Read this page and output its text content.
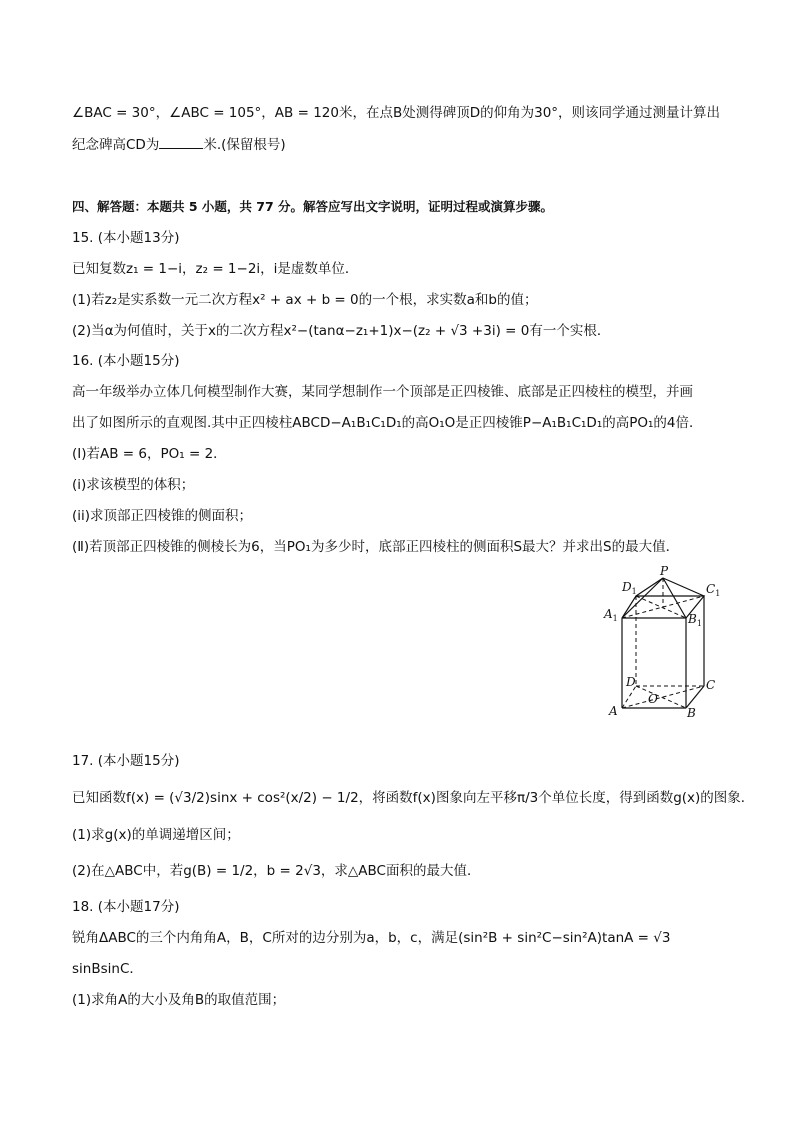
∠BAC = 30°，∠ABC = 105°，AB = 120米，在点B处测得碑顶D的仰角为30°，则该同学通过测量计算出
纪念碑高CD为	米.(保留根号)
四、解答题：本题共 5 小题，共 77 分。解答应写出文字说明，证明过程或演算步骤。
15. (本小题13分)
已知复数z₁ = 1−i，z₂ = 1−2i，i是虚数单位．
(1)若z₂是实系数一元二次方程x² + ax + b = 0的一个根，求实数a和b的值；
(2)当α为何值时，关于x的二次方程x²−(tanα−z₁+1)x−(z₂ + √3 +3i) = 0有一个实根．
16. (本小题15分)
高一年级举办立体几何模型制作大赛，某同学想制作一个顶部是正四棱锥、底部是正四棱柱的模型，并画
出了如图所示的直观图.其中正四棱柱ABCD−A₁B₁C₁D₁的高O₁O是正四棱锥P−A₁B₁C₁D₁的高PO₁的4倍．
(Ⅰ)若AB = 6，PO₁ = 2．
(i)求该模型的体积；
(ii)求顶部正四棱锥的侧面积；
(Ⅱ)若顶部正四棱锥的侧棱长为6，当PO₁为多少时，底部正四棱柱的侧面积S最大？并求出S的最大值．
P
$D_1$	$C_1$
$A_1$	$B_1$
D	C
O
A	B
17. (本小题15分)
已知函数f(x) = (√3/2)sinx + cos²(x/2) − 1/2，将函数f(x)图象向左平移π/3个单位长度，得到函数g(x)的图象．
(1)求g(x)的单调递增区间；
(2)在△ABC中，若g(B) = 1/2，b = 2√3，求△ABC面积的最大值．
18. (本小题17分)
锐角ΔABC的三个内角角A，B，C所对的边分别为a，b，c，满足(sin²B + sin²C−sin²A)tanA = √3
sinBsinC．
(1)求角A的大小及角B的取值范围；
